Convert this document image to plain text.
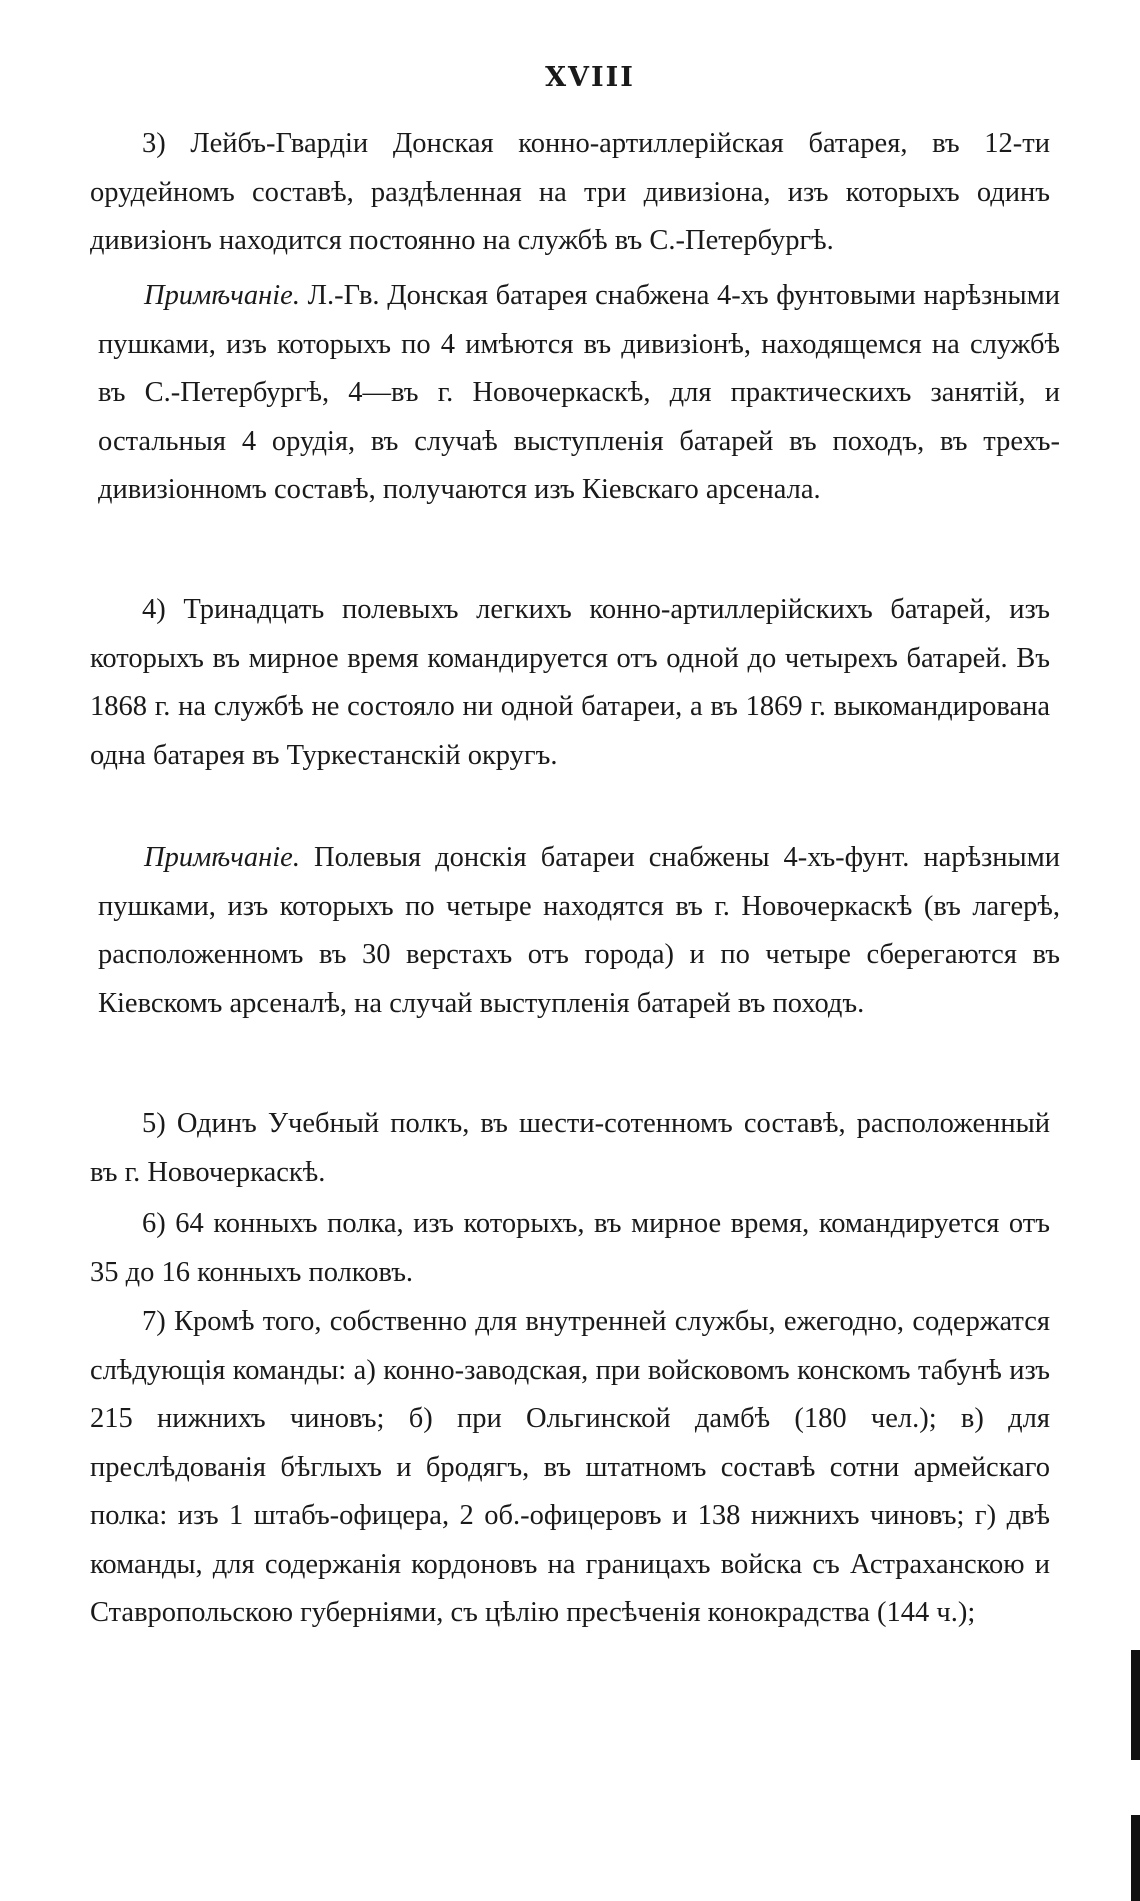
XVIII

3) Лейбъ-Гвардіи Донская конно-артиллерійская батарея, въ 12-ти орудейномъ составѣ, раздѣленная на три дивизіона, изъ которыхъ одинъ дивизіонъ находится постоянно на службѣ въ С.-Петербургѣ.

Примѣчаніе. Л.-Гв. Донская батарея снабжена 4-хъ фунтовыми нарѣзными пушками, изъ которыхъ по 4 имѣются въ дивизіонѣ, находящемся на службѣ въ С.-Петербургѣ, 4—въ г. Новочеркаскѣ, для практическихъ занятій, и остальныя 4 орудія, въ случаѣ выступленія батарей въ походъ, въ трехъ-дивизіонномъ составѣ, получаются изъ Кіевскаго арсенала.

4) Тринадцать полевыхъ легкихъ конно-артиллерійскихъ батарей, изъ которыхъ въ мирное время командируется отъ одной до четырехъ батарей. Въ 1868 г. на службѣ не состояло ни одной батареи, а въ 1869 г. выкомандирована одна батарея въ Туркестанскій округъ.

Примѣчаніе. Полевыя донскія батареи снабжены 4-хъ-фунт. нарѣзными пушками, изъ которыхъ по четыре находятся въ г. Новочеркаскѣ (въ лагерѣ, расположенномъ въ 30 верстахъ отъ города) и по четыре сберегаются въ Кіевскомъ арсеналѣ, на случай выступленія батарей въ походъ.

5) Одинъ Учебный полкъ, въ шести-сотенномъ составѣ, расположенный въ г. Новочеркаскѣ.

6) 64 конныхъ полка, изъ которыхъ, въ мирное время, командируется отъ 35 до 16 конныхъ полковъ.

7) Кромѣ того, собственно для внутренней службы, ежегодно, содержатся слѣдующія команды: а) конно-заводская, при войсковомъ конскомъ табунѣ изъ 215 нижнихъ чиновъ; б) при Ольгинской дамбѣ (180 чел.); в) для преслѣдованія бѣглыхъ и бродягъ, въ штатномъ составѣ сотни армейскаго полка: изъ 1 штабъ-офицера, 2 об.-офицеровъ и 138 нижнихъ чиновъ; г) двѣ команды, для содержанія кордоновъ на границахъ войска съ Астраханскою и Ставропольскою губерніями, съ цѣлію пресѣченія конокрадства (144 ч.);
